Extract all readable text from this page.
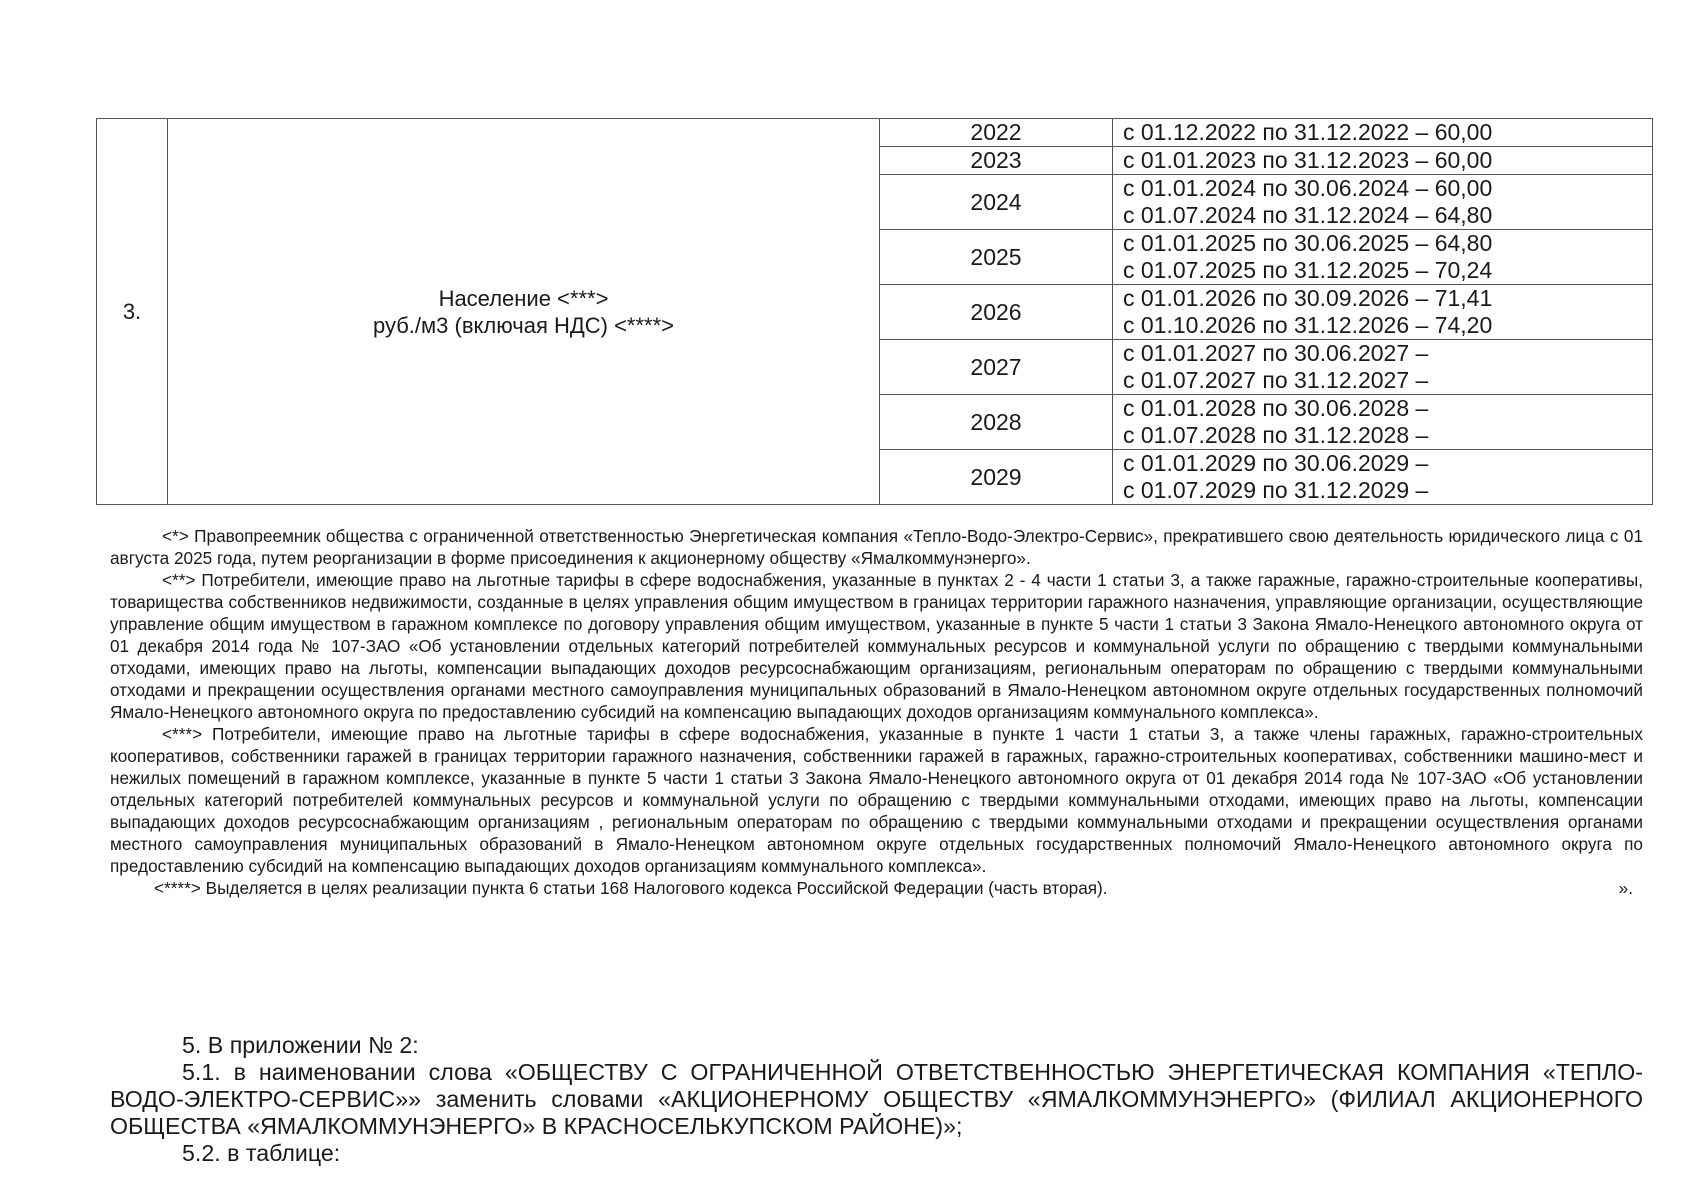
3.	Население <***>
руб./м3 (включая НДС) <****>	2022	с 01.12.2022 по 31.12.2022 – 60,00

		2023	с 01.01.2023 по 31.12.2023 – 60,00

		2024	с 01.01.2024 по 30.06.2024 – 60,00
с 01.07.2024 по 31.12.2024 – 64,80

		2025	с 01.01.2025 по 30.06.2025 – 64,80
с 01.07.2025 по 31.12.2025 – 70,24

		2026	с 01.01.2026 по 30.09.2026 – 71,41
с 01.10.2026 по 31.12.2026 – 74,20

		2027	с 01.01.2027 по 30.06.2027 –
с 01.07.2027 по 31.12.2027 –

		2028	с 01.01.2028 по 30.06.2028 –
с 01.07.2028 по 31.12.2028 –

		2029	с 01.01.2029 по 30.06.2029 –
с 01.07.2029 по 31.12.2029 –

<*> Правопреемник общества с ограниченной ответственностью Энергетическая компания «Тепло-Водо-Электро-Сервис», прекратившего свою деятельность юридического лица с 01 августа 2025 года, путем реорганизации в форме присоединения к акционерному обществу «Ямалкоммунэнерго».

<**> Потребители, имеющие право на льготные тарифы в сфере водоснабжения, указанные в пунктах 2 - 4 части 1 статьи 3, а также гаражные, гаражно-строительные кооперативы, товарищества собственников недвижимости, созданные в целях управления общим имуществом в границах территории гаражного назначения, управляющие организации, осуществляющие управление общим имуществом в гаражном комплексе по договору управления общим имуществом, указанные в пункте 5 части 1 статьи 3 Закона Ямало-Ненецкого автономного округа от 01 декабря 2014 года № 107-ЗАО «Об установлении отдельных категорий потребителей коммунальных ресурсов и коммунальной услуги по обращению с твердыми коммунальными отходами, имеющих право на льготы, компенсации выпадающих доходов ресурсоснабжающим организациям, региональным операторам по обращению с твердыми коммунальными отходами и прекращении осуществления органами местного самоуправления муниципальных образований в Ямало-Ненецком автономном округе отдельных государственных полномочий Ямало-Ненецкого автономного округа по предоставлению субсидий на компенсацию выпадающих доходов организациям коммунального комплекса».

<***> Потребители, имеющие право на льготные тарифы в сфере водоснабжения, указанные в пункте 1 части 1 статьи 3, а также члены гаражных, гаражно-строительных кооперативов, собственники гаражей в границах территории гаражного назначения, собственники гаражей в гаражных, гаражно-строительных кооперативах, собственники машино-мест и нежилых помещений в гаражном комплексе, указанные в пункте 5 части 1 статьи 3 Закона Ямало-Ненецкого автономного округа от 01 декабря 2014 года № 107-ЗАО «Об установлении отдельных категорий потребителей коммунальных ресурсов и коммунальной услуги по обращению с твердыми коммунальными отходами, имеющих право на льготы, компенсации выпадающих доходов ресурсоснабжающим организациям , региональным операторам по обращению с твердыми коммунальными отходами и прекращении осуществления органами местного самоуправления муниципальных образований в Ямало-Ненецком автономном округе отдельных государственных полномочий Ямало-Ненецкого автономного округа по предоставлению субсидий на компенсацию выпадающих доходов организациям коммунального комплекса».

<****> Выделяется в целях реализации пункта 6 статьи 168 Налогового кодекса Российской Федерации (часть вторая).	».

5. В приложении № 2:

5.1. в наименовании слова «ОБЩЕСТВУ С ОГРАНИЧЕННОЙ ОТВЕТСТВЕННОСТЬЮ ЭНЕРГЕТИЧЕСКАЯ КОМПАНИЯ «ТЕПЛО-ВОДО-ЭЛЕКТРО-СЕРВИС»» заменить словами «АКЦИОНЕРНОМУ ОБЩЕСТВУ «ЯМАЛКОММУНЭНЕРГО» (ФИЛИАЛ АКЦИОНЕРНОГО ОБЩЕСТВА «ЯМАЛКОММУНЭНЕРГО» В КРАСНОСЕЛЬКУПСКОМ РАЙОНЕ)»;

5.2. в таблице:
